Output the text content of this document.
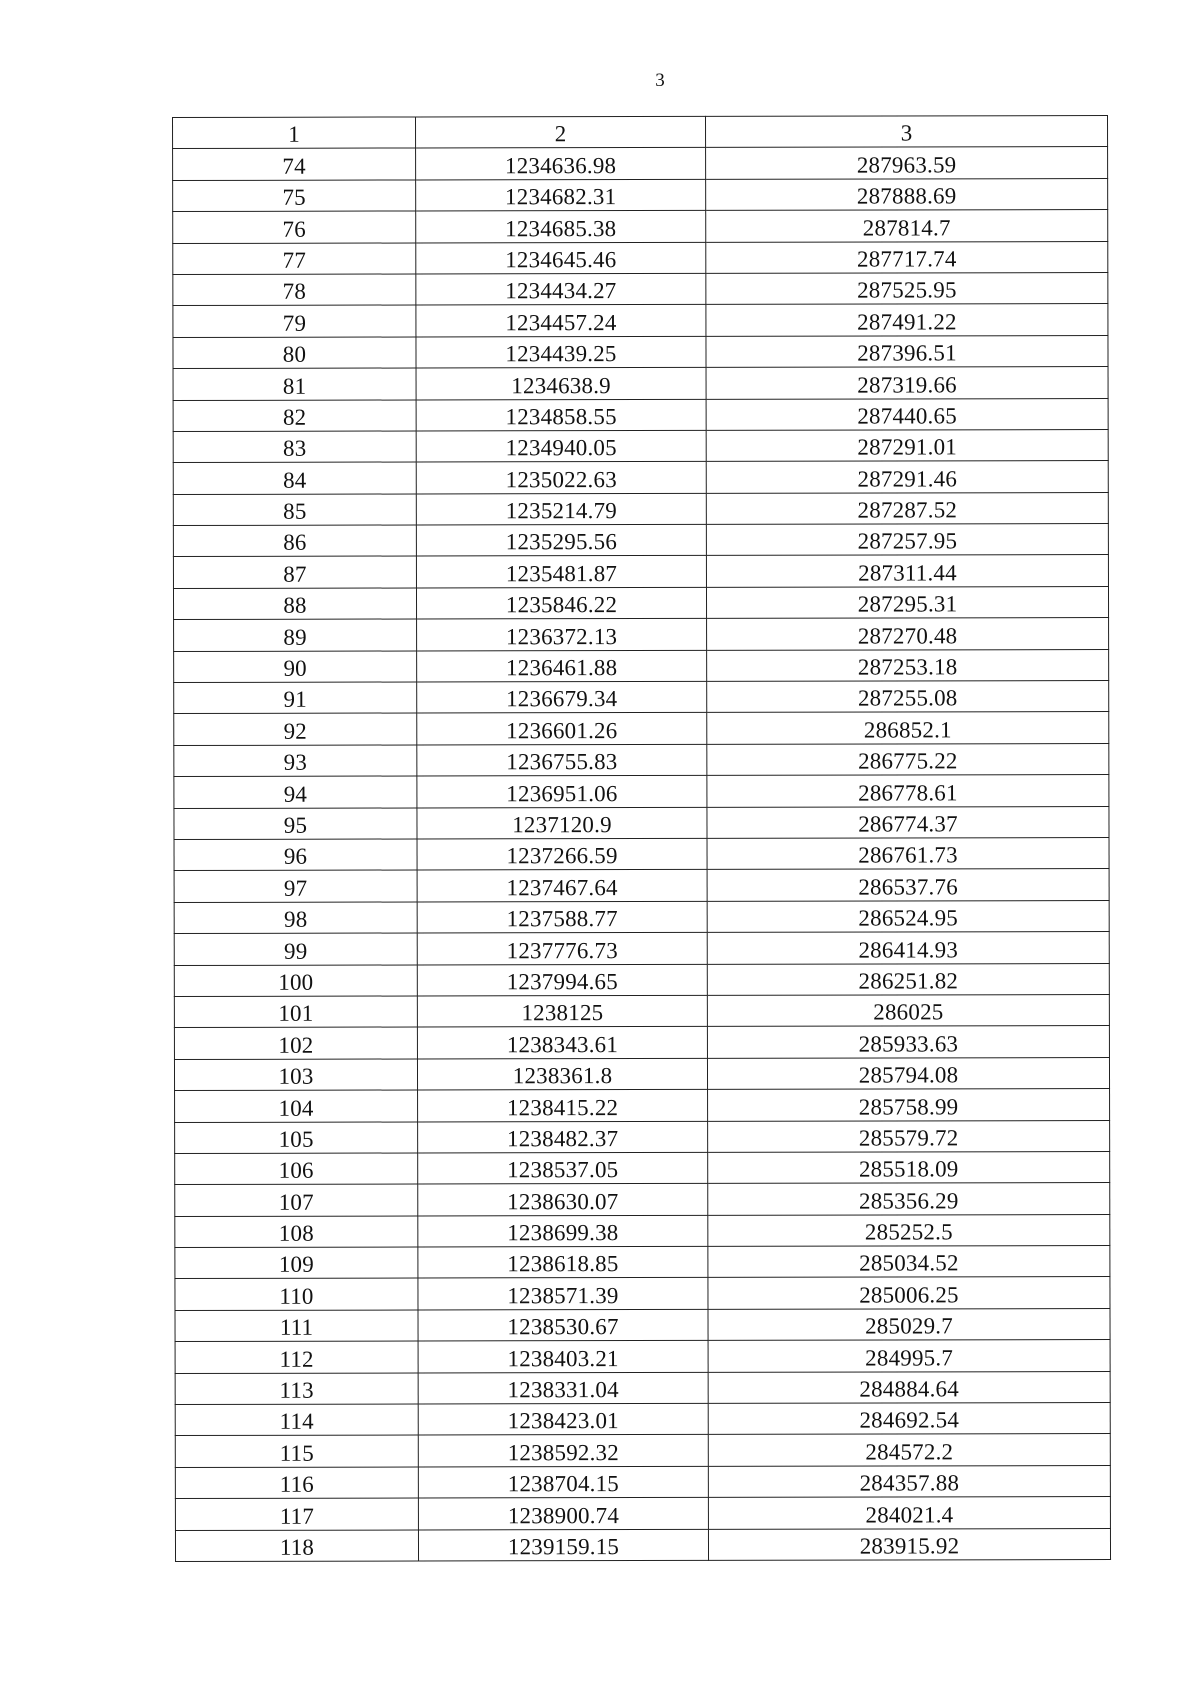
3
1	2	3
74	1234636.98	287963.59
75	1234682.31	287888.69
76	1234685.38	287814.7
77	1234645.46	287717.74
78	1234434.27	287525.95
79	1234457.24	287491.22
80	1234439.25	287396.51
81	1234638.9	287319.66
82	1234858.55	287440.65
83	1234940.05	287291.01
84	1235022.63	287291.46
85	1235214.79	287287.52
86	1235295.56	287257.95
87	1235481.87	287311.44
88	1235846.22	287295.31
89	1236372.13	287270.48
90	1236461.88	287253.18
91	1236679.34	287255.08
92	1236601.26	286852.1
93	1236755.83	286775.22
94	1236951.06	286778.61
95	1237120.9	286774.37
96	1237266.59	286761.73
97	1237467.64	286537.76
98	1237588.77	286524.95
99	1237776.73	286414.93
100	1237994.65	286251.82
101	1238125	286025
102	1238343.61	285933.63
103	1238361.8	285794.08
104	1238415.22	285758.99
105	1238482.37	285579.72
106	1238537.05	285518.09
107	1238630.07	285356.29
108	1238699.38	285252.5
109	1238618.85	285034.52
110	1238571.39	285006.25
111	1238530.67	285029.7
112	1238403.21	284995.7
113	1238331.04	284884.64
114	1238423.01	284692.54
115	1238592.32	284572.2
116	1238704.15	284357.88
117	1238900.74	284021.4
118	1239159.15	283915.92
